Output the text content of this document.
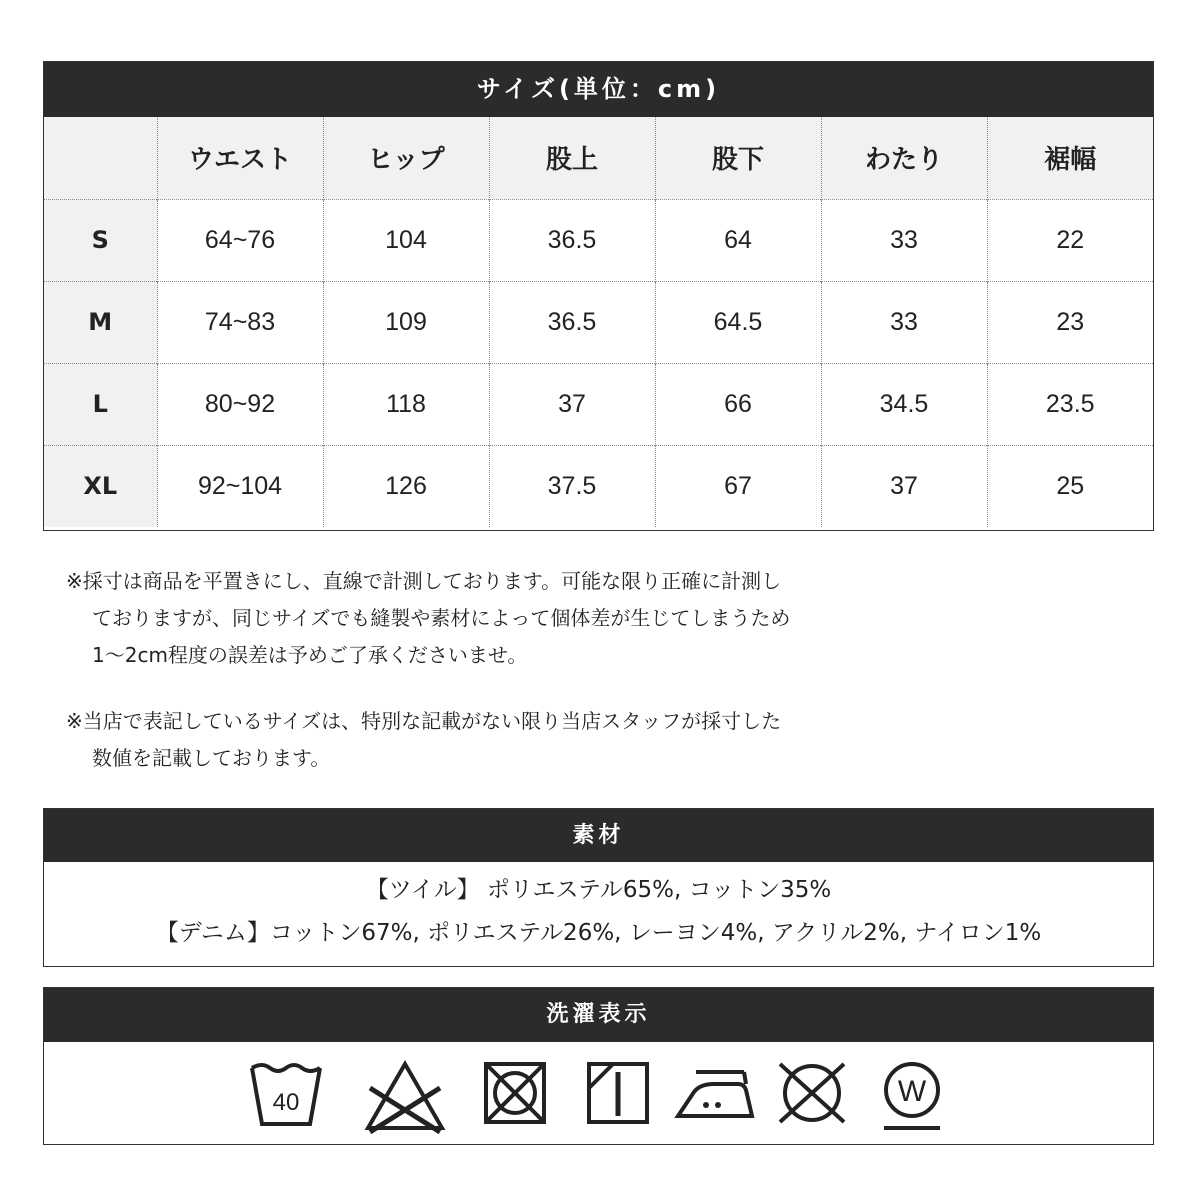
サイズ(単位：cm)
	ウエスト	ヒップ	股上	股下	わたり	裾幅
S	64~76	104	36.5	64	33	22
M	74~83	109	36.5	64.5	33	23
L	80~92	118	37	66	34.5	23.5
XL	92~104	126	37.5	67	37	25
※採寸は商品を平置きにし、直線で計測しております。可能な限り正確に計測し
ておりますが、同じサイズでも縫製や素材によって個体差が生じてしまうため
1〜2cm程度の誤差は予めご了承くださいませ。
※当店で表記しているサイズは、特別な記載がない限り当店スタッフが採寸した
数値を記載しております。
素材
【ツイル】 ポリエステル65%, コットン35%
【デニム】コットン67%, ポリエステル26%, レーヨン4%, アクリル2%, ナイロン1%
洗濯表示
40	W
